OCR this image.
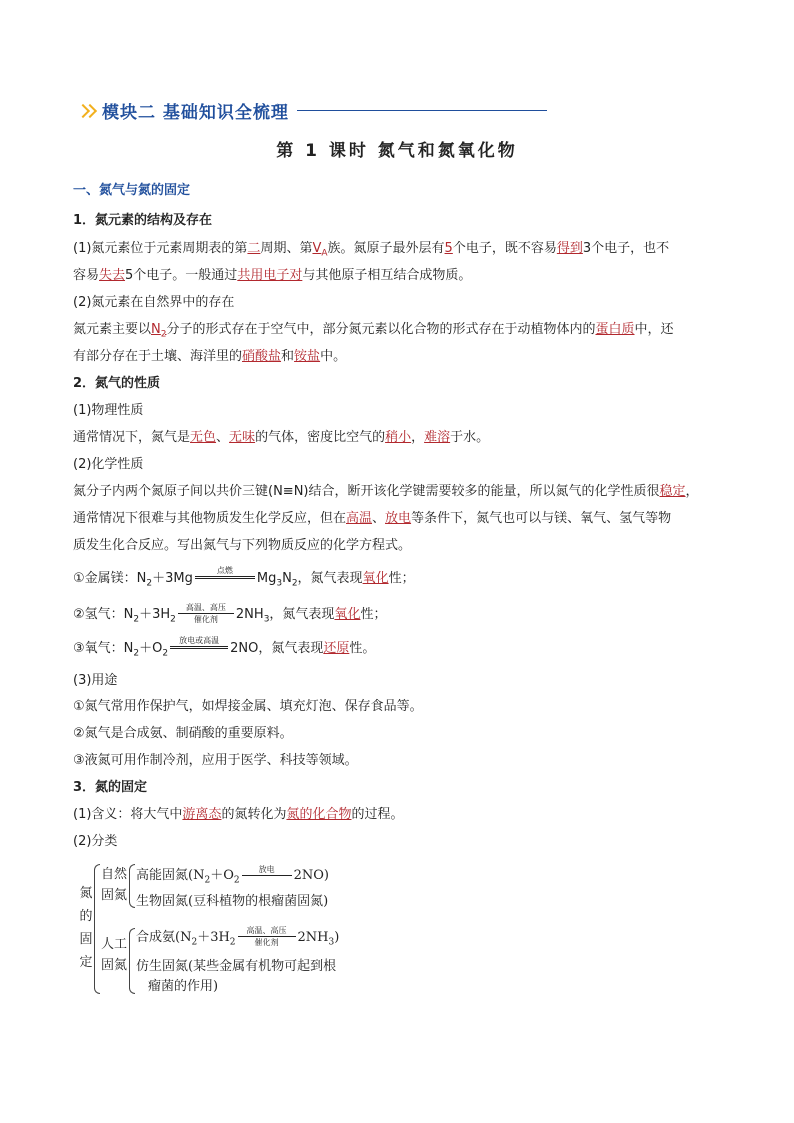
模块二 基础知识全梳理
第 1 课时 氮气和氮氧化物
一、氮气与氮的固定
1．氮元素的结构及存在
(1)氮元素位于元素周期表的第二周期、第$V_A$族。氮原子最外层有5个电子，既不容易得到3个电子，也不
容易失去5个电子。一般通过共用电子对与其他原子相互结合成物质。
(2)氮元素在自然界中的存在
氮元素主要以$N_2$分子的形式存在于空气中，部分氮元素以化合物的形式存在于动植物体内的蛋白质中，还
有部分存在于土壤、海洋里的硝酸盐和铵盐中。
2．氮气的性质
(1)物理性质
通常情况下，氮气是无色、无味的气体，密度比空气的稍小，难溶于水。
(2)化学性质
氮分子内两个氮原子间以共价三键(N≡N)结合，断开该化学键需要较多的能量，所以氮气的化学性质很稳定，
通常情况下很难与其他物质发生化学反应，但在高温、放电等条件下，氮气也可以与镁、氧气、氢气等物
质发生化合反应。写出氮气与下列物质反应的化学方程式。
①金属镁：$N_2+3Mg$
点燃
$Mg_3N_2$，氮气表现氧化性；
②氢气：$N_2+3H_2$
高温、高压
催化剂	$2NH_3$，氮气表现氧化性；
③氧气：$N_2+O_2$
放电或高温
2NO，氮气表现还原性。
(3)用途
①氮气常用作保护气，如焊接金属、填充灯泡、保存食品等。
②氮气是合成氨、制硝酸的重要原料。
③液氮可用作制冷剂，应用于医学、科技等领域。
3．氮的固定
(1)含义：将大气中游离态的氮转化为氮的化合物的过程。
(2)分类
氮
的
固
定
自然
固氮
人工
固氮
高能固氮($N_2+O_2$
放电	2NO)
生物固氮(豆科植物的根瘤菌固氮)
合成氨($N_2+3H_2$
高温、高压
催化剂	$2NH_3$)
仿生固氮(某些金属有机物可起到根
瘤菌的作用)
